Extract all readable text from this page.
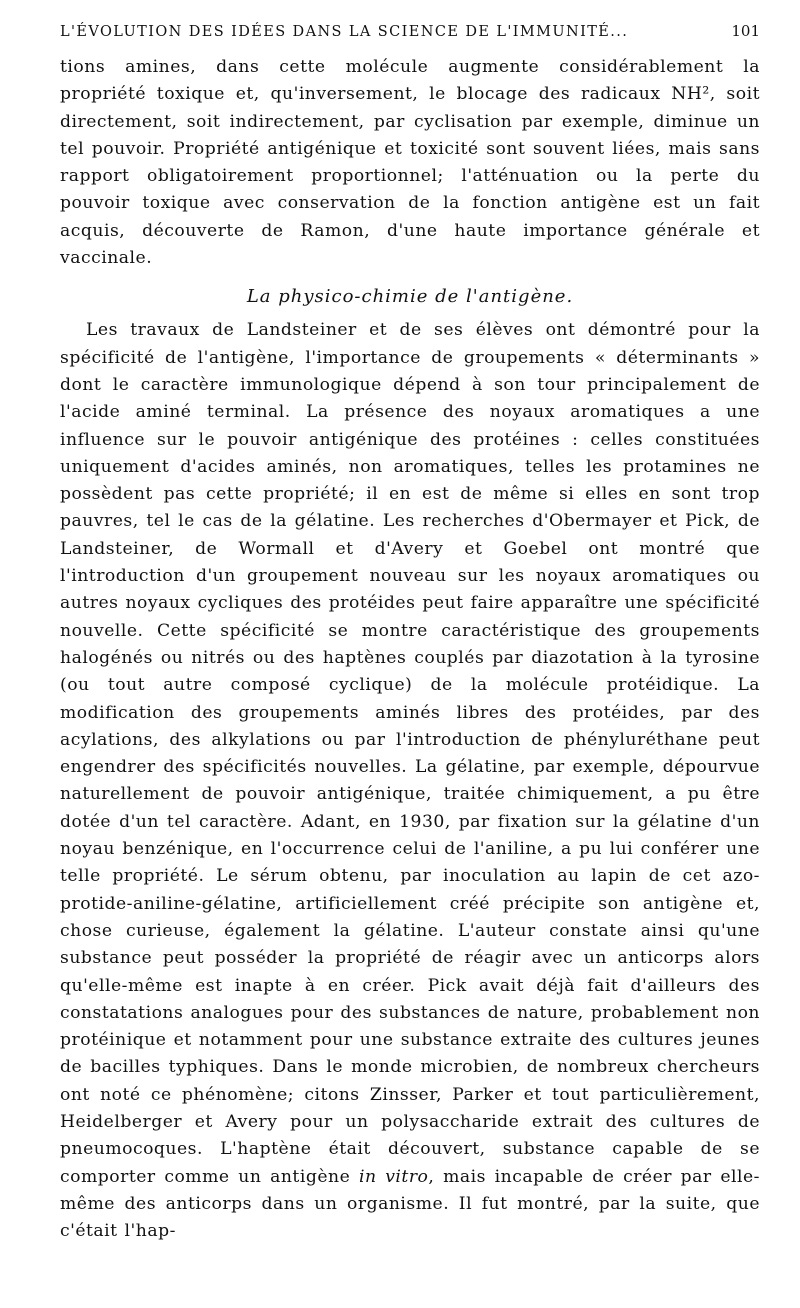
L'ÉVOLUTION DES IDÉES DANS LA SCIENCE DE L'IMMUNITÉ...	101

tions amines, dans cette molécule augmente considérablement la propriété toxique et, qu'inversement, le blocage des radicaux NH², soit directement, soit indirectement, par cyclisation par exemple, diminue un tel pouvoir. Propriété antigénique et toxicité sont souvent liées, mais sans rapport obligatoirement proportionnel; l'atténuation ou la perte du pouvoir toxique avec conservation de la fonction antigène est un fait acquis, découverte de Ramon, d'une haute importance générale et vaccinale.

La physico-chimie de l'antigène.

Les travaux de Landsteiner et de ses élèves ont démontré pour la spécificité de l'antigène, l'importance de groupements « déterminants » dont le caractère immunologique dépend à son tour principalement de l'acide aminé terminal. La présence des noyaux aromatiques a une influence sur le pouvoir antigénique des protéines : celles constituées uniquement d'acides aminés, non aromatiques, telles les protamines ne possèdent pas cette propriété; il en est de même si elles en sont trop pauvres, tel le cas de la gélatine. Les recherches d'Obermayer et Pick, de Landsteiner, de Wormall et d'Avery et Goebel ont montré que l'introduction d'un groupement nouveau sur les noyaux aromatiques ou autres noyaux cycliques des protéides peut faire apparaître une spécificité nouvelle. Cette spécificité se montre caractéristique des groupements halogénés ou nitrés ou des haptènes couplés par diazotation à la tyrosine (ou tout autre composé cyclique) de la molécule protéidique. La modification des groupements aminés libres des protéides, par des acylations, des alkylations ou par l'introduction de phényluréthane peut engendrer des spécificités nouvelles. La gélatine, par exemple, dépourvue naturellement de pouvoir antigénique, traitée chimiquement, a pu être dotée d'un tel caractère. Adant, en 1930, par fixation sur la gélatine d'un noyau benzénique, en l'occurrence celui de l'aniline, a pu lui conférer une telle propriété. Le sérum obtenu, par inoculation au lapin de cet azo-protide-aniline-gélatine, artificiellement créé précipite son antigène et, chose curieuse, également la gélatine. L'auteur constate ainsi qu'une substance peut posséder la propriété de réagir avec un anticorps alors qu'elle-même est inapte à en créer. Pick avait déjà fait d'ailleurs des constatations analogues pour des substances de nature, probablement non protéinique et notamment pour une substance extraite des cultures jeunes de bacilles typhiques. Dans le monde microbien, de nombreux chercheurs ont noté ce phénomène; citons Zinsser, Parker et tout particulièrement, Heidelberger et Avery pour un polysaccharide extrait des cultures de pneumocoques. L'haptène était découvert, substance capable de se comporter comme un antigène in vitro, mais incapable de créer par elle-même des anticorps dans un organisme. Il fut montré, par la suite, que c'était l'hap-
